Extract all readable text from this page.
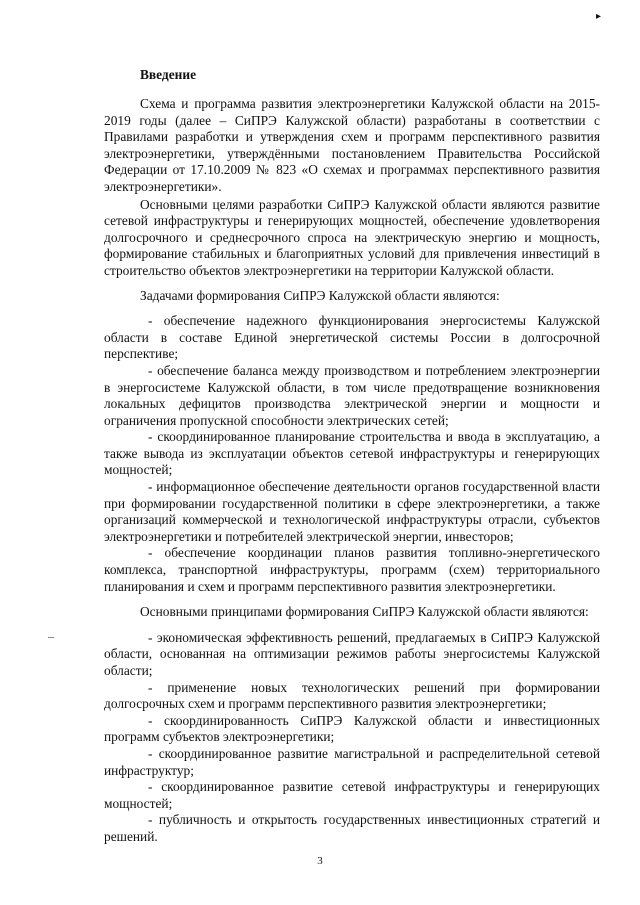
▸
Введение

Схема и программа развития электроэнергетики Калужской области на 2015-2019 годы (далее – СиПРЭ Калужской области) разработаны в соответствии с Правилами разработки и утверждения схем и программ перспективного развития электроэнергетики, утверждёнными постановлением Правительства Российской Федерации от 17.10.2009 № 823 «О схемах и программах перспективного развития электроэнергетики».

Основными целями разработки СиПРЭ Калужской области являются развитие сетевой инфраструктуры и генерирующих мощностей, обеспечение удовлетворения долгосрочного и среднесрочного спроса на электрическую энергию и мощность, формирование стабильных и благоприятных условий для привлечения инвестиций в строительство объектов электроэнергетики на территории Калужской области.

Задачами формирования СиПРЭ Калужской области являются:

- обеспечение надежного функционирования энергосистемы Калужской области в составе Единой энергетической системы России в долгосрочной перспективе;

- обеспечение баланса между производством и потреблением электроэнергии в энергосистеме Калужской области, в том числе предотвращение возникновения локальных дефицитов производства электрической энергии и мощности и ограничения пропускной способности электрических сетей;

- скоординированное планирование строительства и ввода в эксплуатацию, а также вывода из эксплуатации объектов сетевой инфраструктуры и генерирующих мощностей;

- информационное обеспечение деятельности органов государственной власти при формировании государственной политики в сфере электроэнергетики, а также организаций коммерческой и технологической инфраструктуры отрасли, субъектов электроэнергетики и потребителей электрической энергии, инвесторов;

- обеспечение координации планов развития топливно-энергетического комплекса, транспортной инфраструктуры, программ (схем) территориального планирования и схем и программ перспективного развития электроэнергетики.

Основными принципами формирования СиПРЭ Калужской области являются:

- экономическая эффективность решений, предлагаемых в СиПРЭ Калужской области, основанная на оптимизации режимов работы энергосистемы Калужской области;

- применение новых технологических решений при формировании долгосрочных схем и программ перспективного развития электроэнергетики;

- скоординированность СиПРЭ Калужской области и инвестиционных программ субъектов электроэнергетики;

- скоординированное развитие магистральной и распределительной сетевой инфраструктур;

- скоординированное развитие сетевой инфраструктуры и генерирующих мощностей;

- публичность и открытость государственных инвестиционных стратегий и решений.

3
